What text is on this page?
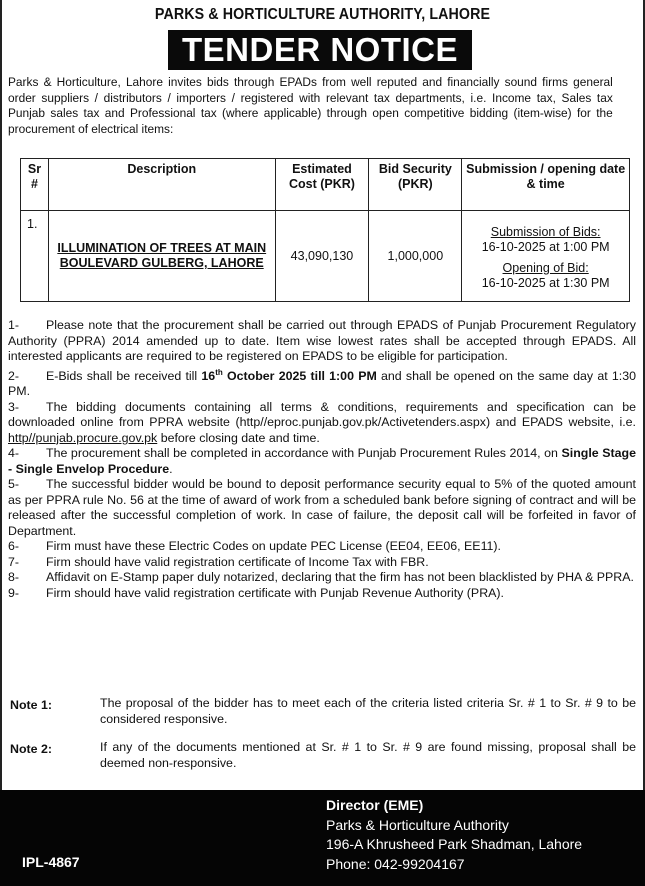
PARKS & HORTICULTURE AUTHORITY, LAHORE
TENDER NOTICE

Parks & Horticulture, Lahore invites bids through EPADs from well reputed and financially sound firms general order suppliers / distributors / importers / registered with relevant tax departments, i.e. Income tax, Sales tax Punjab sales tax and Professional tax (where applicable) through open competitive bidding (item-wise) for the procurement of electrical items:

Sr #	Description	Estimated Cost (PKR)	Bid Security (PKR)	Submission / opening date & time
1.	ILLUMINATION OF TREES AT MAIN BOULEVARD GULBERG, LAHORE	43,090,130	1,000,000	Submission of Bids:
16-10-2025 at 1:00 PM
Opening of Bid:
16-10-2025 at 1:30 PM

1- Please note that the procurement shall be carried out through EPADS of Punjab Procurement Regulatory Authority (PPRA) 2014 amended up to date. Item wise lowest rates shall be accepted through EPADS. All interested applicants are required to be registered on EPADS to be eligible for participation.

2- E-Bids shall be received till 16th October 2025 till 1:00 PM and shall be opened on the same day at 1:30 PM.

3- The bidding documents containing all terms & conditions, requirements and specification can be downloaded online from PPRA website (http//eproc.punjab.gov.pk/Activetenders.aspx) and EPADS website, i.e. http//punjab.procure.gov.pk before closing date and time.

4- The procurement shall be completed in accordance with Punjab Procurement Rules 2014, on Single Stage - Single Envelop Procedure.

5- The successful bidder would be bound to deposit performance security equal to 5% of the quoted amount as per PPRA rule No. 56 at the time of award of work from a scheduled bank before signing of contract and will be released after the successful completion of work. In case of failure, the deposit call will be forfeited in favor of Department.

6- Firm must have these Electric Codes on update PEC License (EE04, EE06, EE11).

7- Firm should have valid registration certificate of Income Tax with FBR.

8- Affidavit on E-Stamp paper duly notarized, declaring that the firm has not been blacklisted by PHA & PPRA.

9- Firm should have valid registration certificate with Punjab Revenue Authority (PRA).

Note 1:	The proposal of the bidder has to meet each of the criteria listed criteria Sr. # 1 to Sr. # 9 to be considered responsive.
Note 2:	If any of the documents mentioned at Sr. # 1 to Sr. # 9 are found missing, proposal shall be deemed non-responsive.
IPL-4867
Director (EME)
Parks & Horticulture Authority
196-A Khrusheed Park Shadman, Lahore
Phone: 042-99204167
